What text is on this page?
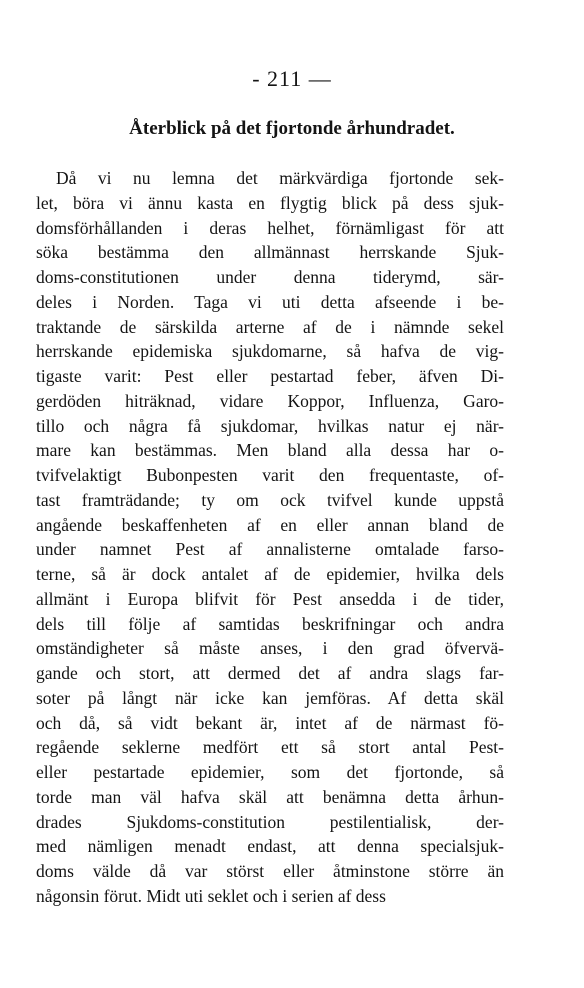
- 211 —
Återblick på det fjortonde århundradet.
Då vi nu lemna det märkvärdiga fjortonde sek-
let, böra vi ännu kasta en flygtig blick på dess sjuk-
domsförhållanden i deras helhet, förnämligast för att
söka bestämma den allmännast herrskande Sjuk-
doms-constitutionen under denna tiderymd, sär-
deles i Norden. Taga vi uti detta afseende i be-
traktande de särskilda arterne af de i nämnde sekel
herrskande epidemiska sjukdomarne, så hafva de vig-
tigaste varit: Pest eller pestartad feber, äfven Di-
gerdöden hiträknad, vidare Koppor, Influenza, Garo-
tillo och några få sjukdomar, hvilkas natur ej när-
mare kan bestämmas. Men bland alla dessa har o-
tvifvelaktigt Bubonpesten varit den frequentaste, of-
tast framträdande; ty om ock tvifvel kunde uppstå
angående beskaffenheten af en eller annan bland de
under namnet Pest af annalisterne omtalade farso-
terne, så är dock antalet af de epidemier, hvilka dels
allmänt i Europa blifvit för Pest ansedda i de tider,
dels till följe af samtidas beskrifningar och andra
omständigheter så måste anses, i den grad öfvervä-
gande och stort, att dermed det af andra slags far-
soter på långt när icke kan jemföras. Af detta skäl
och då, så vidt bekant är, intet af de närmast fö-
regående seklerne medfört ett så stort antal Pest-
eller pestartade epidemier, som det fjortonde, så
torde man väl hafva skäl att benämna detta århun-
drades Sjukdoms-constitution pestilentialisk, der-
med nämligen menadt endast, att denna specialsjuk-
doms välde då var störst eller åtminstone större än
någonsin förut. Midt uti seklet och i serien af dess
